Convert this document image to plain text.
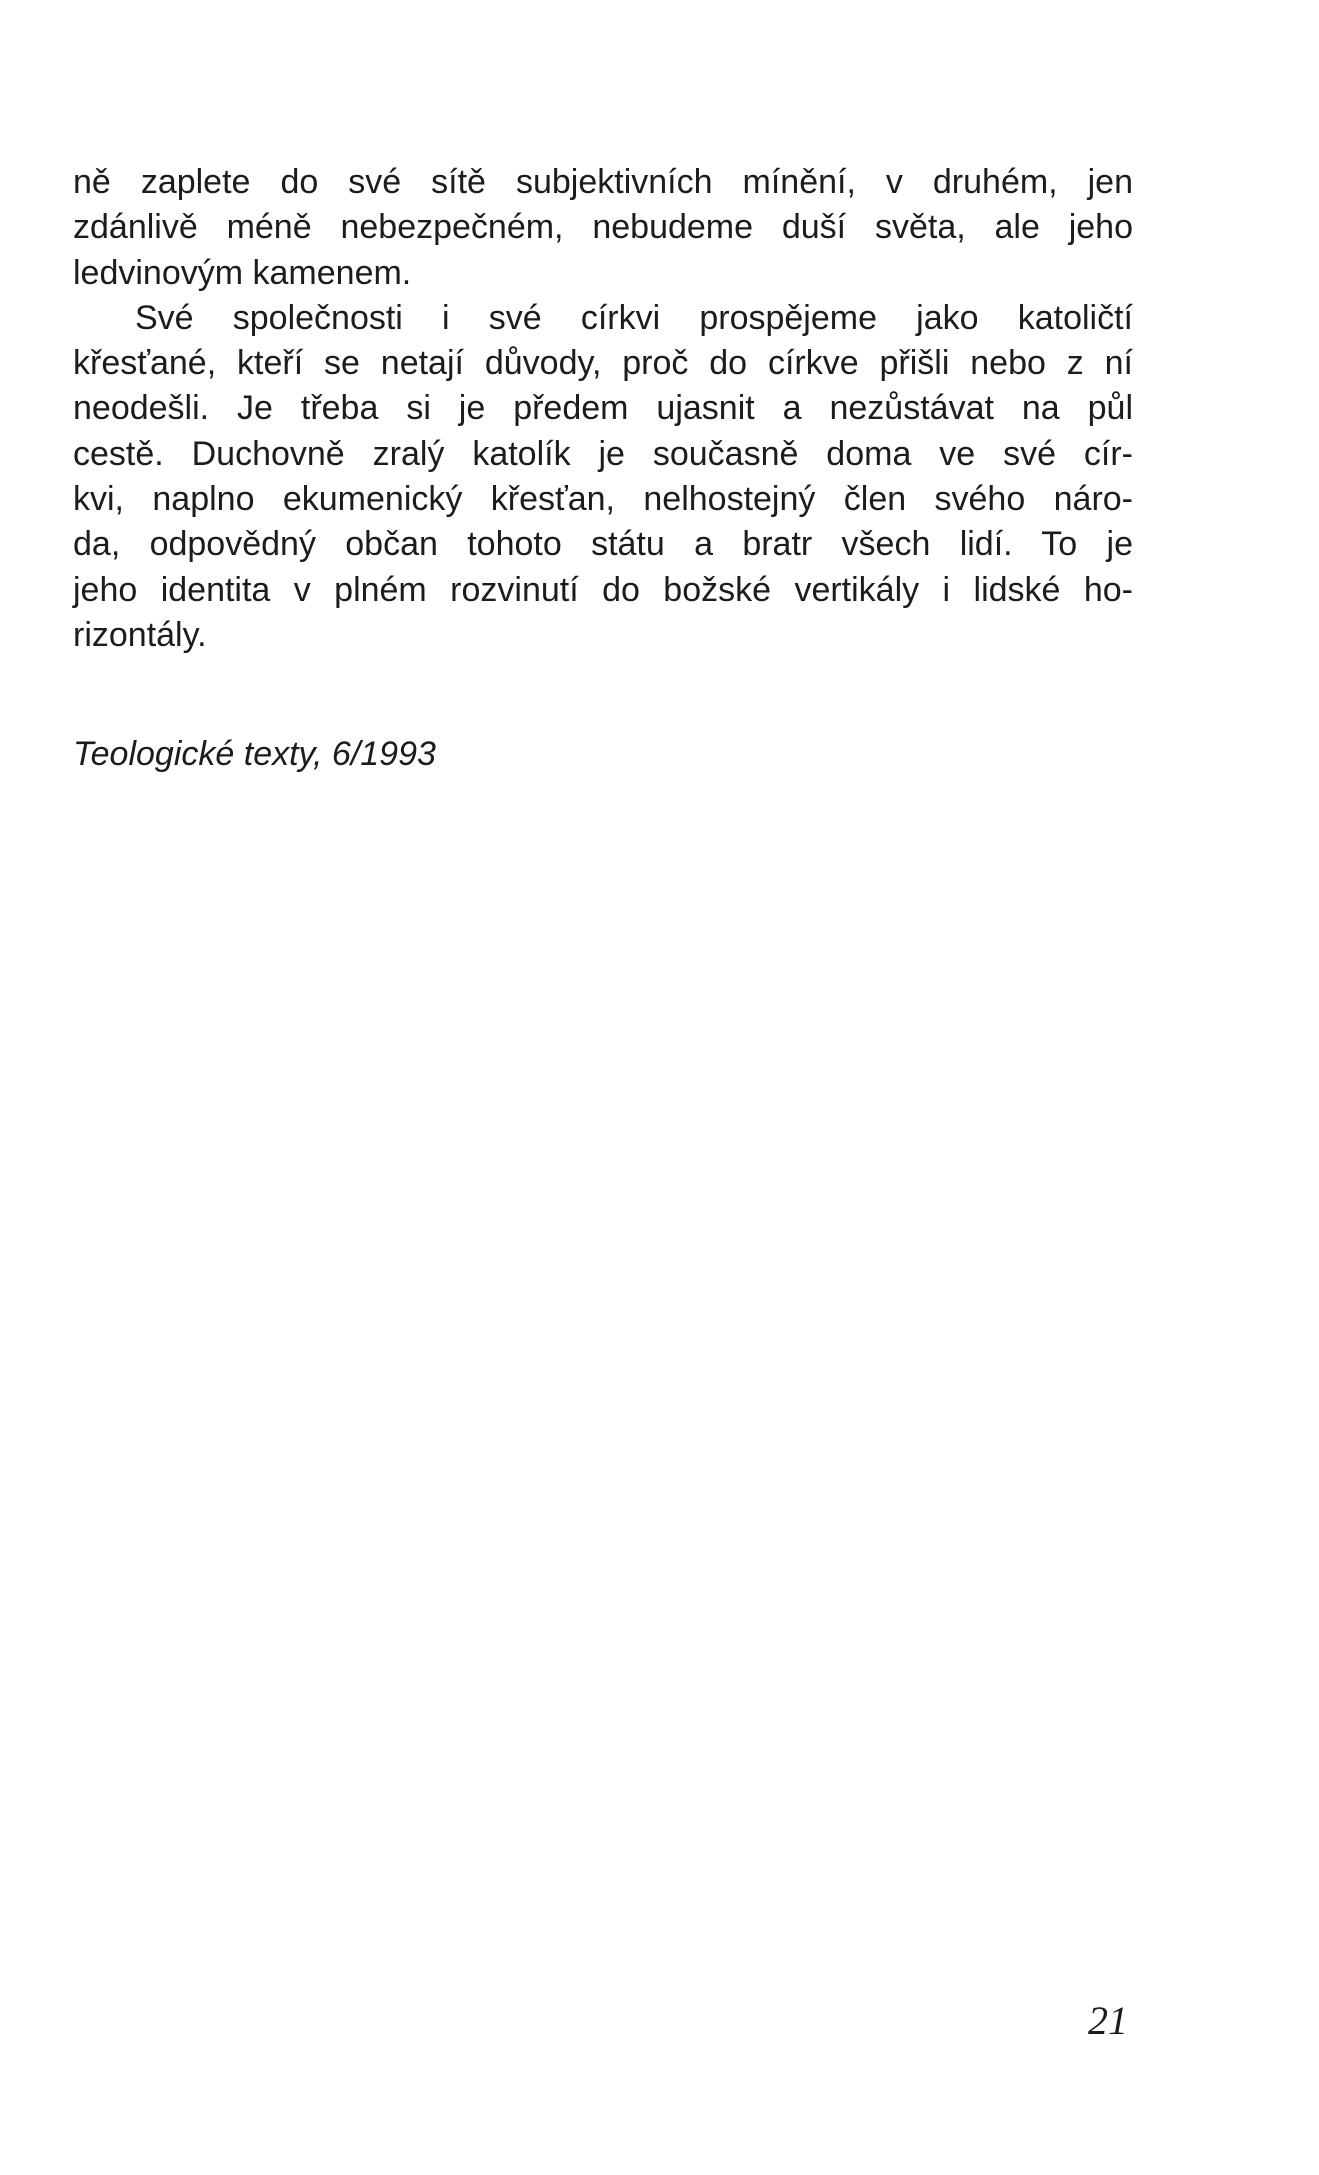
ně zaplete do své sítě subjektivních mínění, v druhém, jen
zdánlivě méně nebezpečném, nebudeme duší světa, ale jeho
ledvinovým kamenem.
Své společnosti i své církvi prospějeme jako katoličtí
křesťané, kteří se netají důvody, proč do církve přišli nebo z ní
neodešli. Je třeba si je předem ujasnit a nezůstávat na půl
cestě. Duchovně zralý katolík je současně doma ve své cír-
kvi, naplno ekumenický křesťan, nelhostejný člen svého náro-
da, odpovědný občan tohoto státu a bratr všech lidí. To je
jeho identita v plném rozvinutí do božské vertikály i lidské ho-
rizontály.
Teologické texty, 6/1993
21
